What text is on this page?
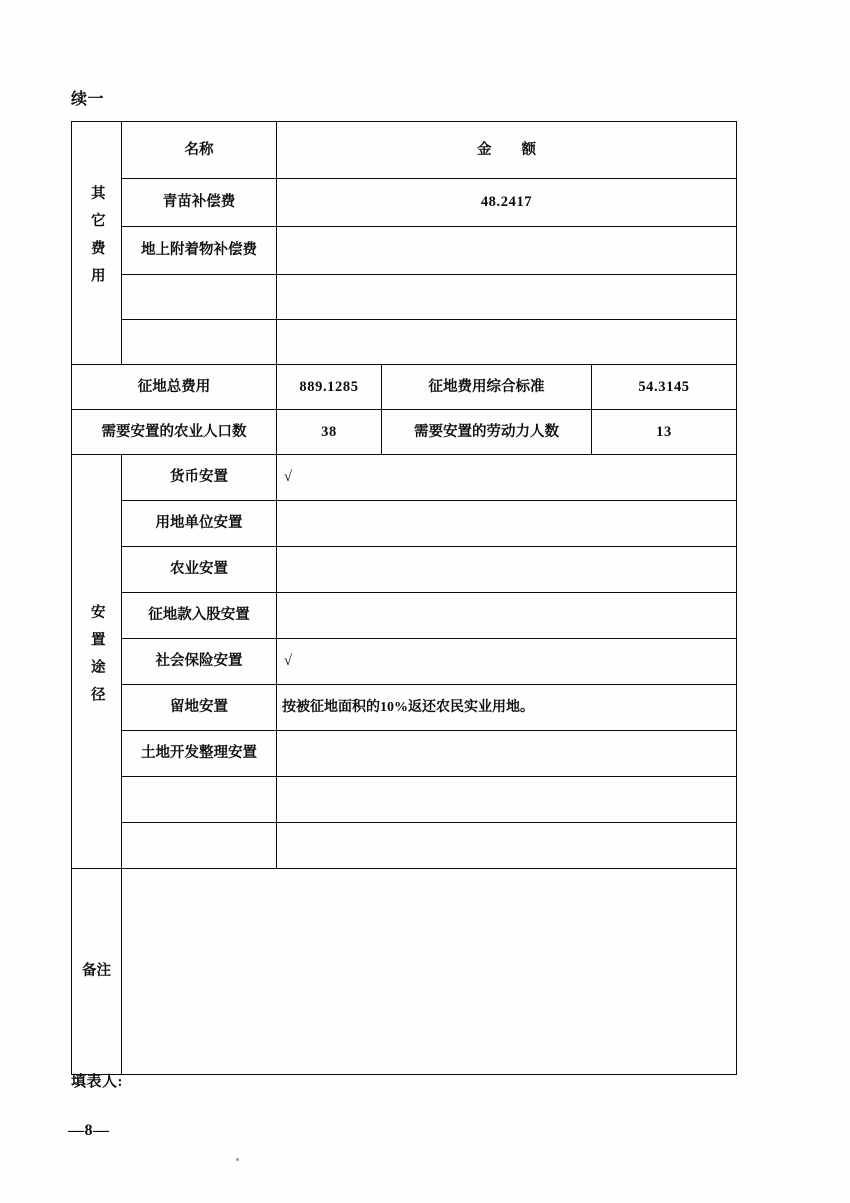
续一
其它费用	名称	金额		
	青苗补偿费	48.2417		
	地上附着物补偿费			

征地总费用		889.1285	征地费用综合标准	54.3145
需要安置的农业人口数		38	需要安置的劳动力人数	13
安置途径	货币安置	√		
	用地单位安置			
	农业安置			
	征地款入股安置			
	社会保险安置	√		
	留地安置	按被征地面积的10%返还农民实业用地。		
	土地开发整理安置			

备注				
填表人:
—8—
